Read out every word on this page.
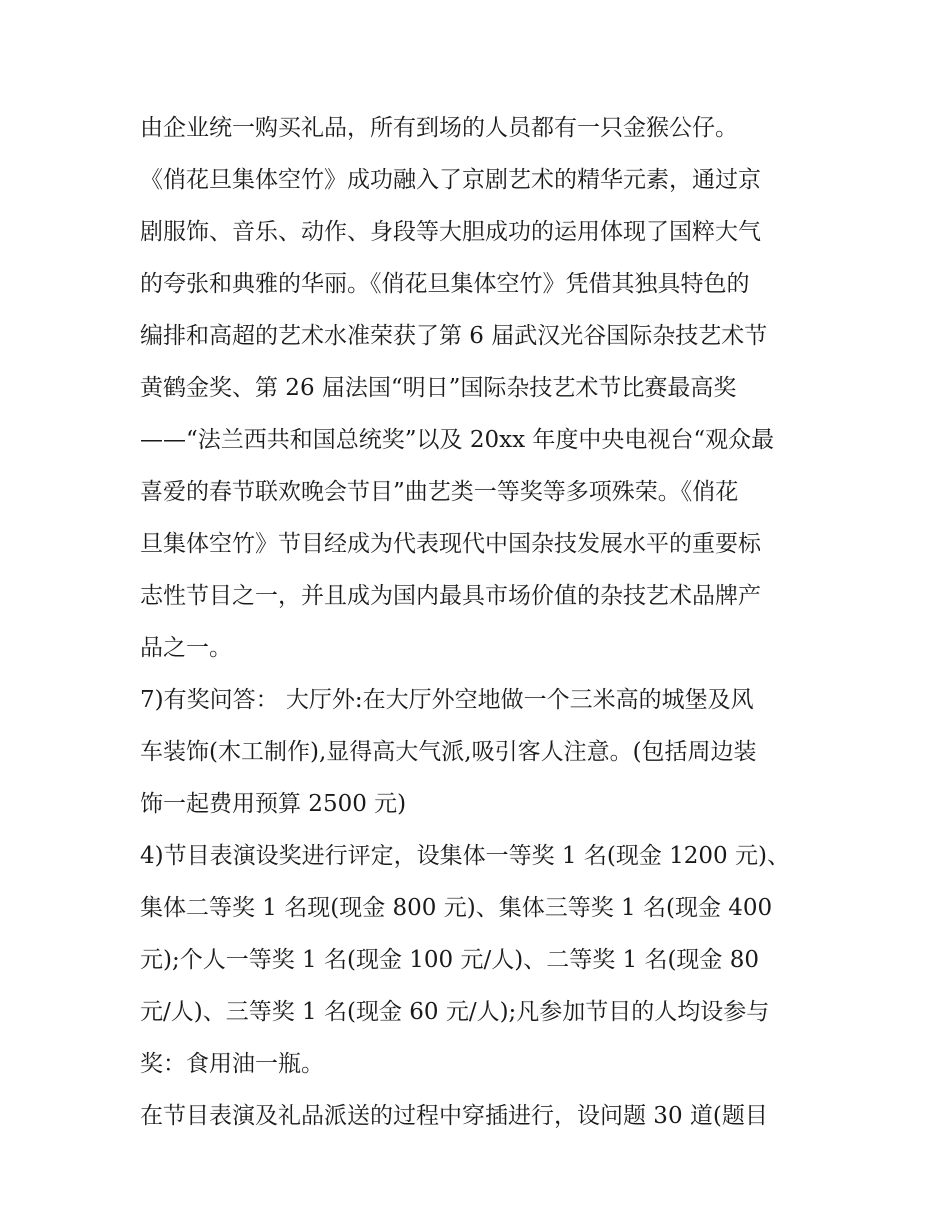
由企业统一购买礼品，所有到场的人员都有一只金猴公仔。
《俏花旦集体空竹》成功融入了京剧艺术的精华元素，通过京
剧服饰、音乐、动作、身段等大胆成功的运用体现了国粹大气
的夸张和典雅的华丽。《俏花旦集体空竹》凭借其独具特色的
编排和高超的艺术水准荣获了第 6 届武汉光谷国际杂技艺术节
黄鹤金奖、第 26 届法国“明日”国际杂技艺术节比赛最高奖
——“法兰西共和国总统奖”以及 20xx 年度中央电视台“观众最
喜爱的春节联欢晚会节目”曲艺类一等奖等多项殊荣。《俏花
旦集体空竹》节目经成为代表现代中国杂技发展水平的重要标
志性节目之一，并且成为国内最具市场价值的杂技艺术品牌产
品之一。
7)有奖问答： 大厅外:在大厅外空地做一个三米高的城堡及风
车装饰(木工制作),显得高大气派,吸引客人注意。(包括周边装
饰一起费用预算 2500 元)
4)节目表演设奖进行评定，设集体一等奖 1 名(现金 1200 元)、
集体二等奖 1 名现(现金 800 元)、集体三等奖 1 名(现金 400
元);个人一等奖 1 名(现金 100 元/人)、二等奖 1 名(现金 80
元/人)、三等奖 1 名(现金 60 元/人);凡参加节目的人均设参与
奖：食用油一瓶。
在节目表演及礼品派送的过程中穿插进行，设问题 30 道(题目
